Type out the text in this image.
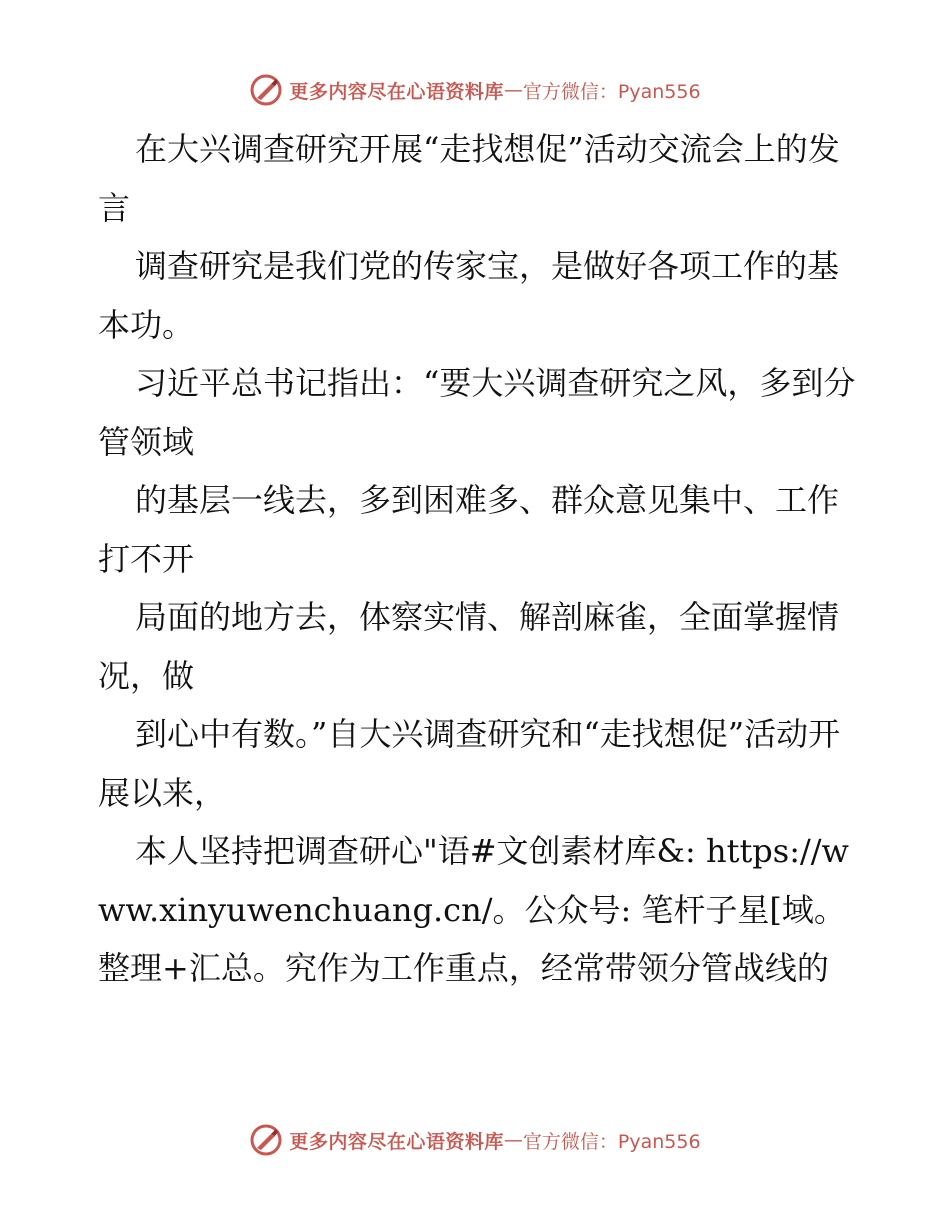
更多内容尽在心语资料库 — 官方微信：Pyan556

在大兴调查研究开展“走找想促”活动交流会上的发言

调查研究是我们党的传家宝，是做好各项工作的基本功。

习近平总书记指出：“要大兴调查研究之风，多到分管领域

的基层一线去，多到困难多、群众意见集中、工作打不开

局面的地方去，体察实情、解剖麻雀，全面掌握情况，做

到心中有数。”自大兴调查研究和“走找想促”活动开展以来，

本人坚持把调查研心"语#文创素材库&: https://www.xinyuwenchuang.cn/。公众号: 笔杆子星[域。整理+汇总。究作为工作重点，经常带领分管战线的

更多内容尽在心语资料库 — 官方微信：Pyan556
